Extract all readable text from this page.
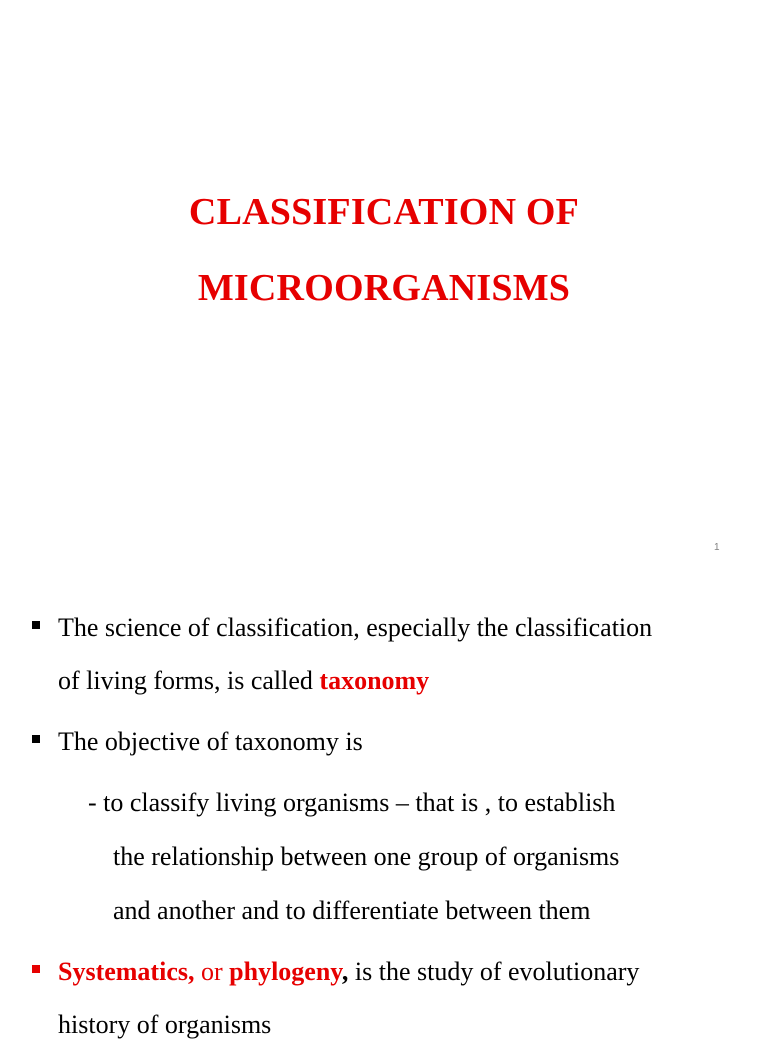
CLASSIFICATION OF
MICROORGANISMS
1
The science of classification, especially the classification
of living forms, is called taxonomy
The objective of taxonomy is
- to classify living organisms – that is , to establish
the relationship between one group of organisms
and another and to differentiate between them
Systematics, or phylogeny, is the study of evolutionary
history of organisms
